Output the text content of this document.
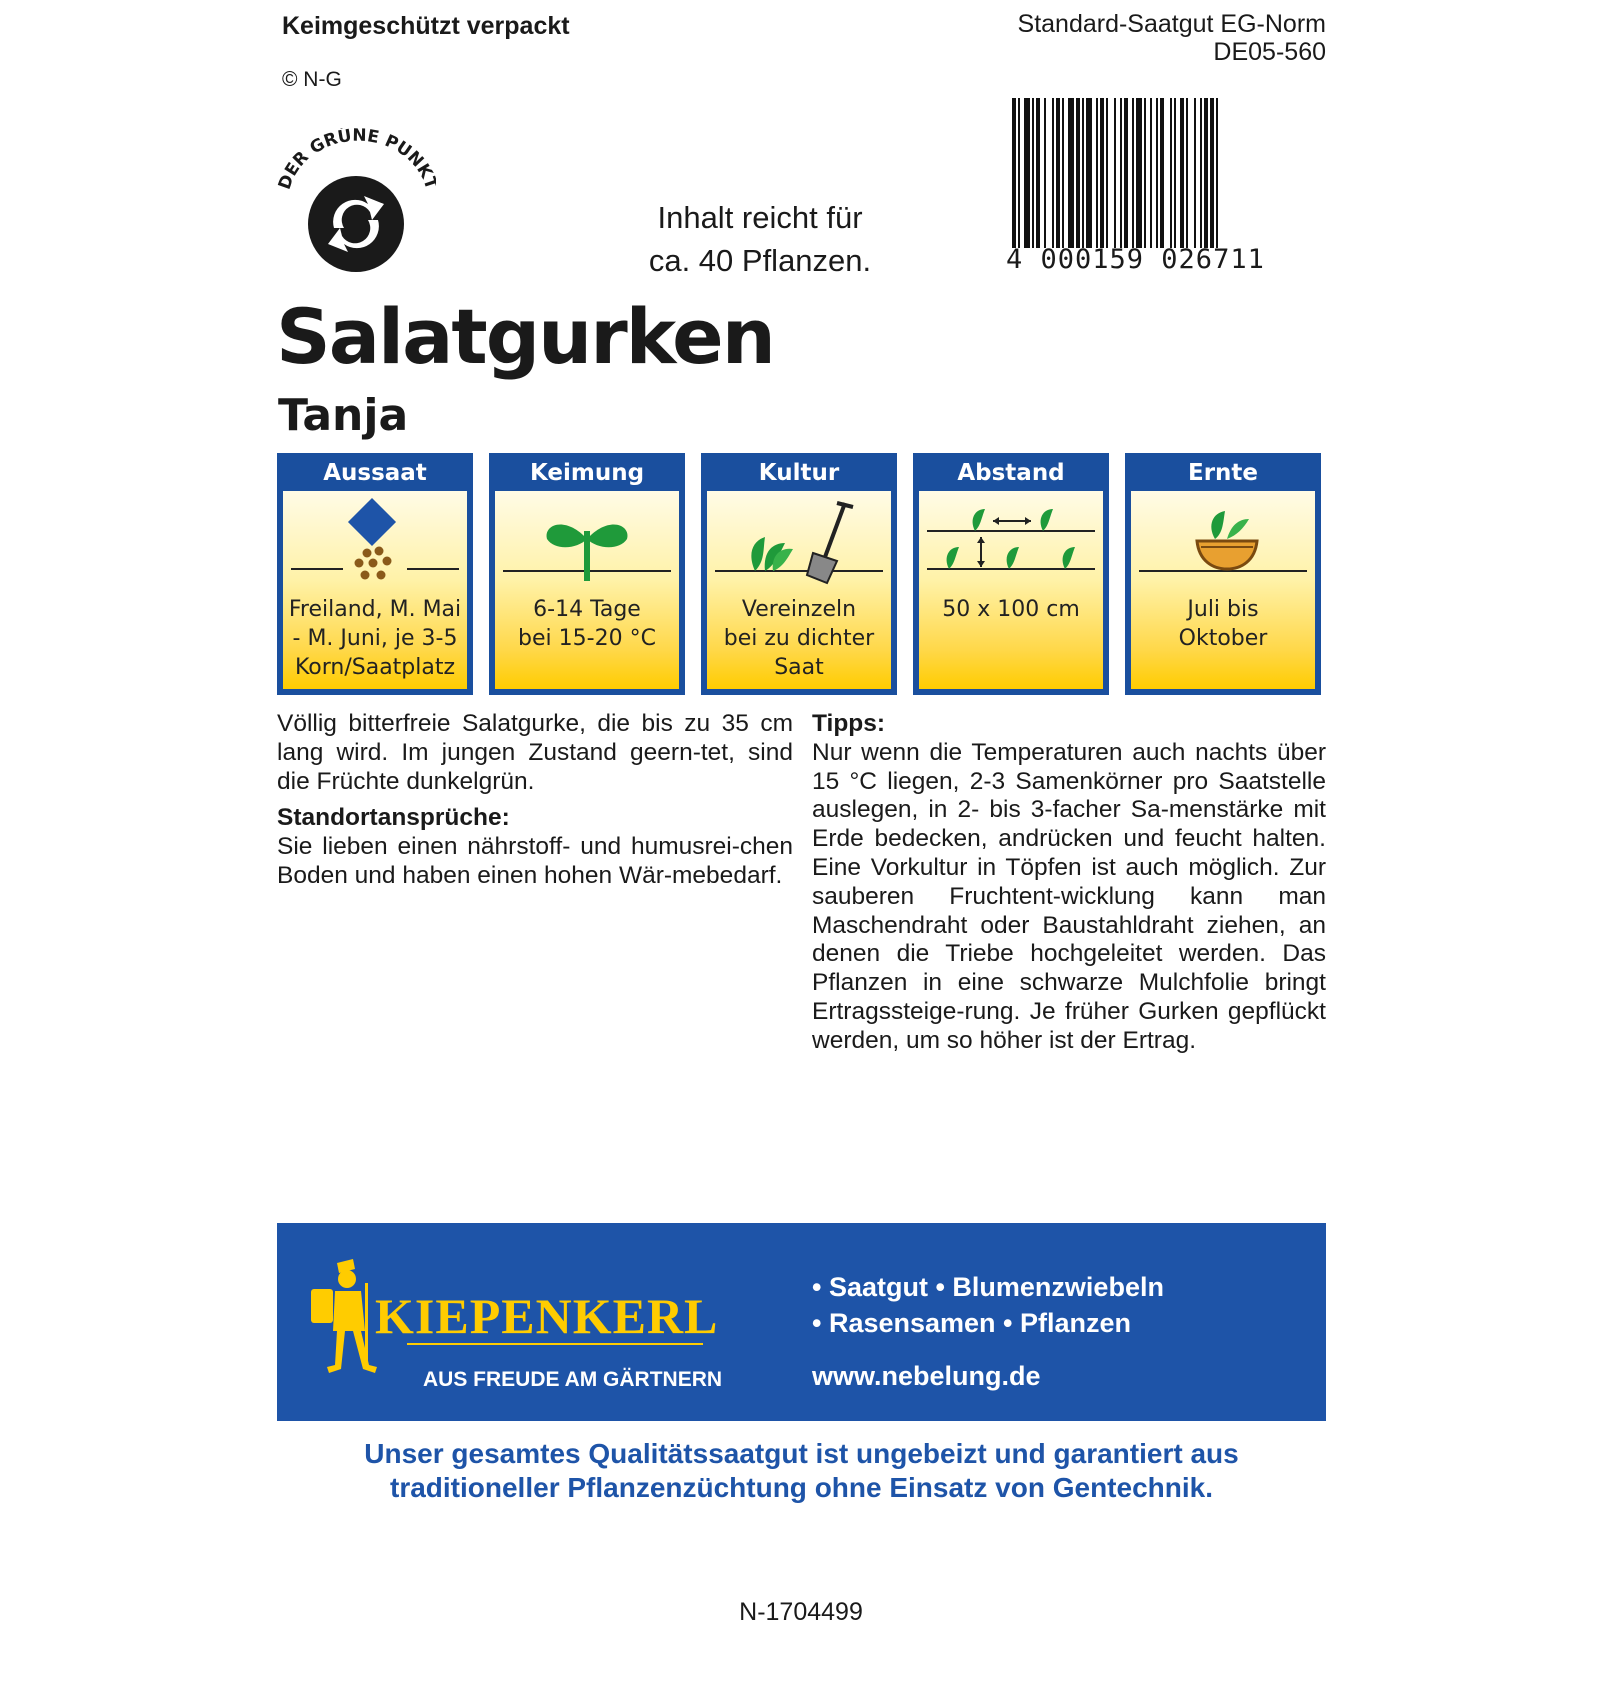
Keimgeschützt verpackt
© N-G
Standard-Saatgut EG-Norm
DE05-560
DER GRÜNE PUNK
Inhalt reicht für
ca. 40 Pflanzen.	4 000159 026711
Salatgurken
Tanja
Aussaat
Freiland, M. Mai
- M. Juni, je 3-5
Korn/Saatplatz
Keimung
6-14 Tage
bei 15-20 °C
Kultur
Vereinzeln
bei zu dichter
Saat
Abstand
50 x 100 cm
Ernte
Juli bis
Oktober

Völlig bitterfreie Salatgurke, die bis zu 35 cm lang wird. Im jungen Zustand geern-tet, sind die Früchte dunkelgrün.

Standortansprüche:

Sie lieben einen nährstoff- und humusrei-chen Boden und haben einen hohen Wär-mebedarf.

Tipps:

Nur wenn die Temperaturen auch nachts über 15 °C liegen, 2-3 Samenkörner pro Saatstelle auslegen, in 2- bis 3-facher Sa-menstärke mit Erde bedecken, andrücken und feucht halten. Eine Vorkultur in Töpfen ist auch möglich. Zur sauberen Fruchtent-wicklung kann man Maschendraht oder Baustahldraht ziehen, an denen die Triebe hochgeleitet werden. Das Pflanzen in eine schwarze Mulchfolie bringt Ertragssteige-rung. Je früher Gurken gepflückt werden, um so höher ist der Ertrag.

KIEPENKERL
AUS FREUDE AM GÄRTNERN
• Saatgut • Blumenzwiebeln
• Rasensamen • Pflanzen
www.nebelung.de
Unser gesamtes Qualitätssaatgut ist ungebeizt und garantiert aus
traditioneller Pflanzenzüchtung ohne Einsatz von Gentechnik.
N-1704499
